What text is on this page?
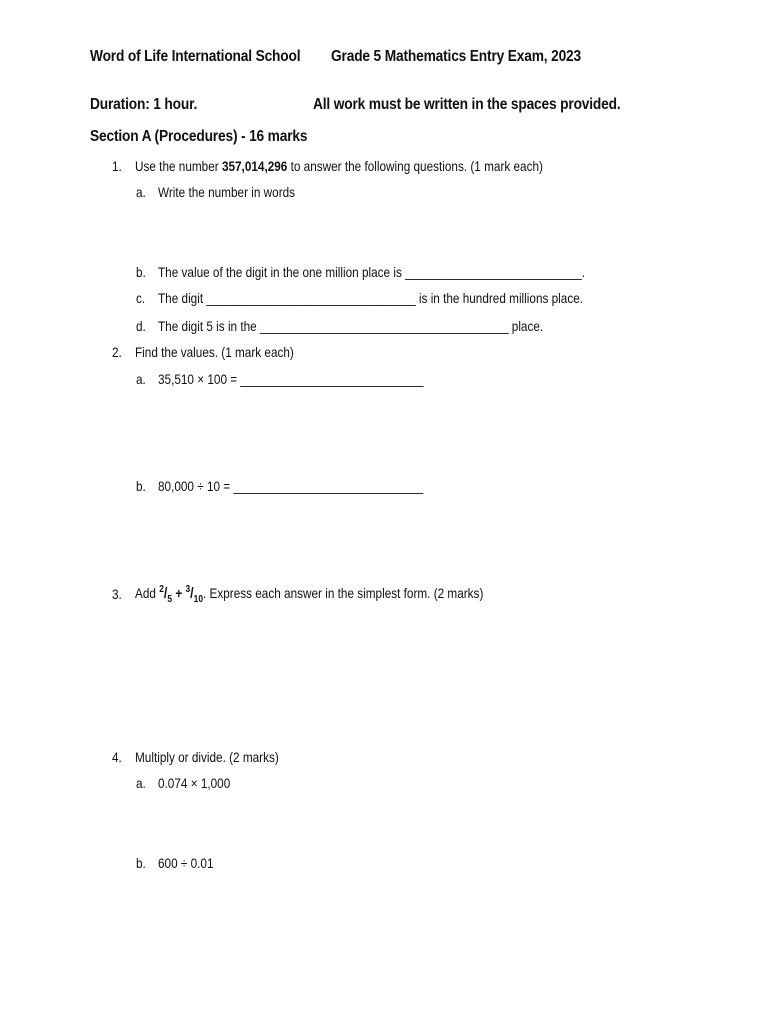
Word of Life International School Grade 5 Mathematics Entry Exam, 2023
Duration: 1 hour.	All work must be written in the spaces provided.
Section A (Procedures) - 16 marks
1. Use the number 357,014,296 to answer the following questions. (1 mark each)
a. Write the number in words
b. The value of the digit in the one million place is ___________________________.
c. The digit ________________________________ is in the hundred millions place.
d. The digit 5 is in the ______________________________________ place.
2. Find the values. (1 mark each)
a. 35,510 × 100 = ____________________________
b. 80,000 ÷ 10 = _____________________________
3. Add $^2/_5 + ^3/_{10}$. Express each answer in the simplest form. (2 marks)
4. Multiply or divide. (2 marks)
a. 0.074 × 1,000
b. 600 ÷ 0.01
